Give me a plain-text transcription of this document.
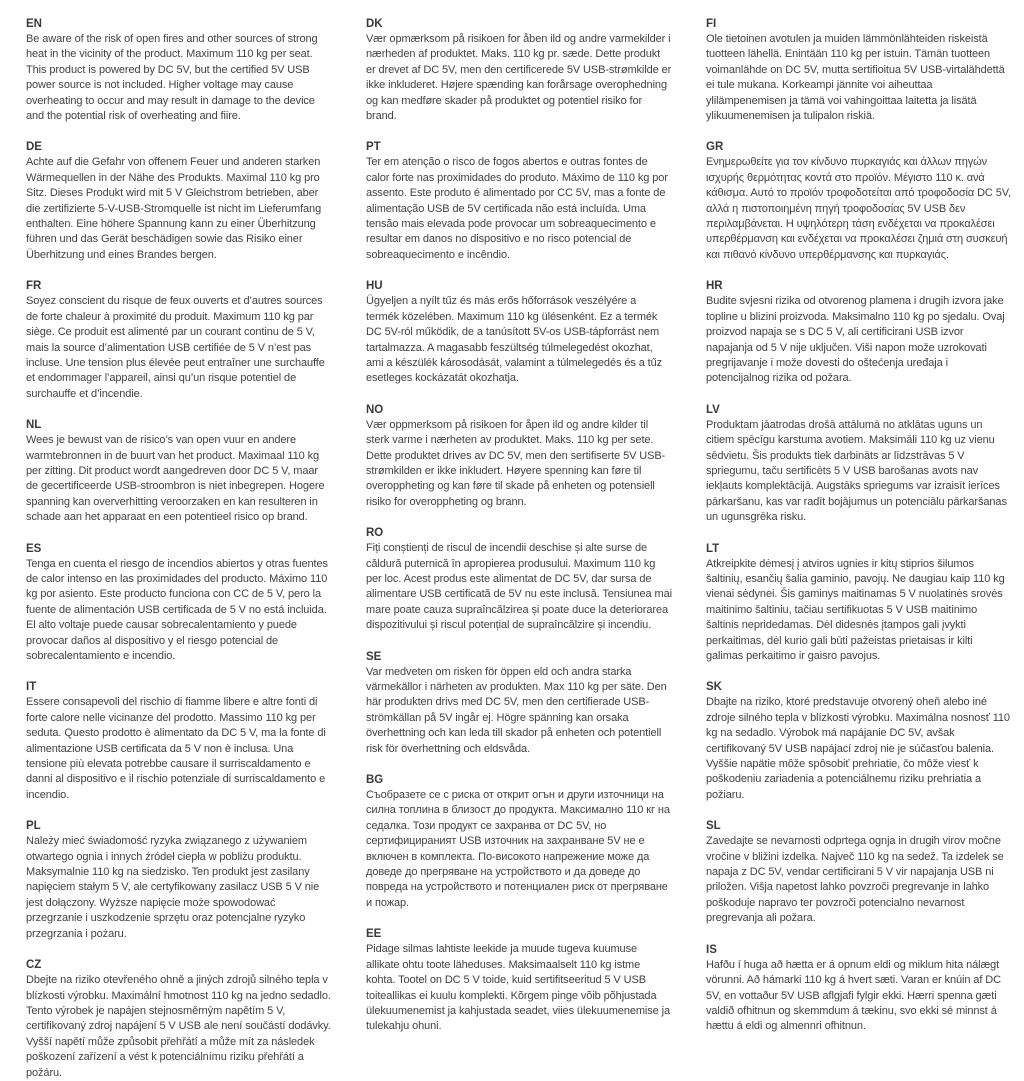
EN

Be aware of the risk of open fires and other sources of strong heat in the vicinity of the product. Maximum 110 kg per seat. This product is powered by DC 5V, but the certified 5V USB power source is not included. Higher voltage may cause overheating to occur and may result in damage to the device and the potential risk of overheating and fiire.

DE

Achte auf die Gefahr von offenem Feuer und anderen starken Wärmequellen in der Nähe des Produkts. Maximal 110 kg pro Sitz. Dieses Produkt wird mit 5 V Gleichstrom betrieben, aber die zertifizierte 5-V-USB-Stromquelle ist nicht im Lieferumfang enthalten. Eine höhere Spannung kann zu einer Überhitzung führen und das Gerät beschädigen sowie das Risiko einer Überhitzung und eines Brandes bergen.

FR

Soyez conscient du risque de feux ouverts et d’autres sources de forte chaleur à proximité du produit. Maximum 110 kg par siège. Ce produit est alimenté par un courant continu de 5 V, mais la source d’alimentation USB certifiée de 5 V n’est pas incluse. Une tension plus élevée peut entraîner une surchauffe et endommager l’appareil, ainsi qu’un risque potentiel de surchauffe et d’incendie.

NL

Wees je bewust van de risico’s van open vuur en andere warmtebronnen in de buurt van het product. Maximaal 110 kg per zitting. Dit product wordt aangedreven door DC 5 V, maar de gecertificeerde USB-stroombron is niet inbegrepen. Hogere spanning kan oververhitting veroorzaken en kan resulteren in schade aan het apparaat en een potentieel risico op brand.

ES

Tenga en cuenta el riesgo de incendios abiertos y otras fuentes de calor intenso en las proximidades del producto. Máximo 110 kg por asiento. Este producto funciona con CC de 5 V, pero la fuente de alimentación USB certificada de 5 V no está incluida. El alto voltaje puede causar sobrecalentamiento y puede provocar daños al dispositivo y el riesgo potencial de sobrecalentamiento e incendio.

IT

Essere consapevoli del rischio di fiamme libere e altre fonti di forte calore nelle vicinanze del prodotto. Massimo 110 kg per seduta. Questo prodotto è alimentato da DC 5 V, ma la fonte di alimentazione USB certificata da 5 V non è inclusa. Una tensione più elevata potrebbe causare il surriscaldamento e danni al dispositivo e il rischio potenziale di surriscaldamento e incendio.

PL

Należy mieć świadomość ryzyka związanego z używaniem otwartego ognia i innych źródeł ciepła w pobliżu produktu. Maksymalnie 110 kg na siedzisko. Ten produkt jest zasilany napięciem stałym 5 V, ale certyfikowany zasilacz USB 5 V nie jest dołączony. Wyższe napięcie może spowodować przegrzanie i uszkodzenie sprzętu oraz potencjalne ryzyko przegrzania i pożaru.

CZ

Dbejte na riziko otevřeného ohně a jiných zdrojů silného tepla v blízkosti výrobku. Maximální hmotnost 110 kg na jedno sedadlo. Tento výrobek je napájen stejnosměrným napětím 5 V, certifikovaný zdroj napájení 5 V USB ale není součástí dodávky. Vyšší napětí může způsobit přehřátí a může mít za následek poškození zařízení a vést k potenciálnímu riziku přehřátí a požáru.

DK

Vær opmærksom på risikoen for åben ild og andre varmekilder i nærheden af produktet. Maks. 110 kg pr. sæde. Dette produkt er drevet af DC 5V, men den certificerede 5V USB-strømkilde er ikke inkluderet. Højere spænding kan forårsage overophedning og kan medføre skader på produktet og potentiel risiko for brand.

PT

Ter em atenção o risco de fogos abertos e outras fontes de calor forte nas proximidades do produto. Máximo de 110 kg por assento. Este produto é alimentado por CC 5V, mas a fonte de alimentação USB de 5V certificada não está incluída. Uma tensão mais elevada pode provocar um sobreaquecimento e resultar em danos no dispositivo e no risco potencial de sobreaquecimento e incêndio.

HU

Ügyeljen a nyílt tűz és más erős hőforrások veszélyére a termék közelében. Maximum 110 kg ülésenként. Ez a termék DC 5V-ról működik, de a tanúsított 5V-os USB-tápforrást nem tartalmazza. A magasabb feszültség túlmelegedést okozhat, ami a készülék károsodását, valamint a túlmelegedés és a tűz esetleges kockázatát okozhatja.

NO

Vær oppmerksom på risikoen for åpen ild og andre kilder til sterk varme i nærheten av produktet. Maks. 110 kg per sete. Dette produktet drives av DC 5V, men den sertifiserte 5V USB-strømkilden er ikke inkludert. Høyere spenning kan føre til overoppheting og kan føre til skade på enheten og potensiell risiko for overoppheting og brann.

RO

Fiți conștienți de riscul de incendii deschise și alte surse de căldură puternică în apropierea produsului. Maximum 110 kg per loc. Acest produs este alimentat de DC 5V, dar sursa de alimentare USB certificată de 5V nu este inclusă. Tensiunea mai mare poate cauza supraîncălzirea și poate duce la deteriorarea dispozitivului și riscul potențial de supraîncălzire și incendiu.

SE

Var medveten om risken för öppen eld och andra starka värmekällor i närheten av produkten. Max 110 kg per säte. Den här produkten drivs med DC 5V, men den certifierade USB-strömkällan på 5V ingår ej. Högre spänning kan orsaka överhettning och kan leda till skador på enheten och potentiell risk för överhettning och eldsvåda.

BG

Съобразете се с риска от открит огън и други източници на силна топлина в близост до продукта. Максимално 110 кг на седалка. Този продукт се захранва от DC 5V, но сертифицираният USB източник на захранване 5V не е включен в комплекта. По-високото напрежение може да доведе до прегряване на устройството и да доведе до повреда на устройството и потенциален риск от прегряване и пожар.

EE

Pidage silmas lahtiste leekide ja muude tugeva kuumuse allikate ohtu toote läheduses. Maksimaalselt 110 kg istme kohta. Tootel on DC 5 V toide, kuid sertifitseeritud 5 V USB toiteallikas ei kuulu komplekti. Kõrgem pinge võib põhjustada ülekuumenemist ja kahjustada seadet, viies ülekuumenemise ja tulekahju ohuni.

FI

Ole tietoinen avotulen ja muiden lämmönlähteiden riskeistä tuotteen lähellä. Enintään 110 kg per istuin. Tämän tuotteen voimanlähde on DC 5V, mutta sertifioitua 5V USB-virtalähdettä ei tule mukana. Korkeampi jännite voi aiheuttaa ylilämpenemisen ja tämä voi vahingoittaa laitetta ja lisätä ylikuumenemisen ja tulipalon riskiä.

GR

Ενημερωθείτε για τον κίνδυνο πυρκαγιάς και άλλων πηγών ισχυρής θερμότητας κοντά στο προϊόν. Μέγιστο 110 κ. ανά κάθισμα. Αυτό το προϊόν τροφοδοτείται από τροφοδοσία DC 5V, αλλά η πιστοποιημένη πηγή τροφοδοσίας 5V USB δεν περιλαμβάνεται. Η υψηλότερη τάση ενδέχεται να προκαλέσει υπερθέρμανση και ενδέχεται να προκαλέσει ζημιά στη συσκευή και πιθανό κίνδυνο υπερθέρμανσης και πυρκαγιάς.

HR

Budite svjesni rizika od otvorenog plamena i drugih izvora jake topline u blizini proizvoda. Maksimalno 110 kg po sjedalu. Ovaj proizvod napaja se s DC 5 V, ali certificirani USB izvor napajanja od 5 V nije uključen. Viši napon može uzrokovati pregrijavanje i može dovesti do oštećenja uređaja i potencijalnog rizika od požara.

LV

Produktam jāatrodas drošā attālumā no atklātas uguns un citiem spēcīgu karstuma avotiem. Maksimāli 110 kg uz vienu sēdvietu. Šis produkts tiek darbināts ar līdzstrāvas 5 V spriegumu, taču sertificēts 5 V USB barošanas avots nav iekļauts komplektācijā. Augstāks spriegums var izraisīt ierīces pārkaršanu, kas var radīt bojājumus un potenciālu pārkaršanas un ugunsgrēka risku.

LT

Atkreipkite dėmesį į atviros ugnies ir kitų stiprios šilumos šaltinių, esančių šalia gaminio, pavojų. Ne daugiau kaip 110 kg vienai sėdynei. Šis gaminys maitinamas 5 V nuolatinės srovės maitinimo šaltiniu, tačiau sertifikuotas 5 V USB maitinimo šaltinis nepridedamas. Dėl didesnės įtampos gali įvykti perkaitimas, dėl kurio gali būti pažeistas prietaisas ir kilti galimas perkaitimo ir gaisro pavojus.

SK

Dbajte na riziko, ktoré predstavuje otvorený oheň alebo iné zdroje silného tepla v blízkosti výrobku. Maximálna nosnosť 110 kg na sedadlo. Výrobok má napájanie DC 5V, avšak certifikovaný 5V USB napájací zdroj nie je súčasťou balenia. Vyššie napätie môže spôsobiť prehriatie, čo môže viesť k poškodeniu zariadenia a potenciálnemu riziku prehriatia a požiaru.

SL

Zavedajte se nevarnosti odprtega ognja in drugih virov močne vročine v bližini izdelka. Največ 110 kg na sedež. Ta izdelek se napaja z DC 5V, vendar certificirani 5 V vir napajanja USB ni priložen. Višja napetost lahko povzroči pregrevanje in lahko poškoduje napravo ter povzroči potencialno nevarnost pregrevanja ali požara.

IS

Hafðu í huga að hætta er á opnum eldi og miklum hita nálægt vörunni. Að hámarki 110 kg á hvert sæti. Varan er knúin af DC 5V, en vottaður 5V USB aflgjafi fylgir ekki. Hærri spenna gæti valdið ofhitnun og skemmdum á tækinu, svo ekki sé minnst á hættu á eldi og almennri ofhitnun.
